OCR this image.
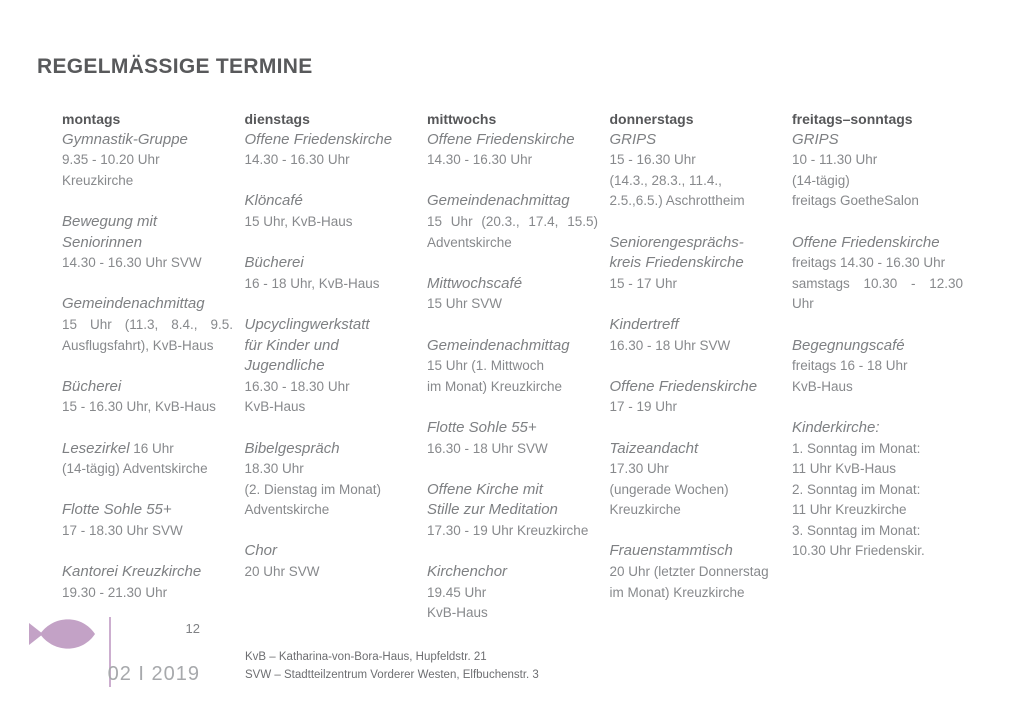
REGELMÄSSIGE TERMINE
montags
Gymnastik-Gruppe
9.35 - 10.20 Uhr
Kreuzkirche
Bewegung mit
Seniorinnen
14.30 - 16.30 Uhr SVW
Gemeindenachmittag
15 Uhr (11.3, 8.4., 9.5.
Ausflugsfahrt), KvB-Haus
Bücherei
15 - 16.30 Uhr, KvB-Haus
Lesezirkel 16 Uhr
(14-tägig) Adventskirche
Flotte Sohle 55+
17 - 18.30 Uhr SVW
Kantorei Kreuzkirche
19.30 - 21.30 Uhr
dienstags
Offene Friedenskirche
14.30 - 16.30 Uhr
Klöncafé
15 Uhr, KvB-Haus
Bücherei
16 - 18 Uhr, KvB-Haus
Upcyclingwerkstatt
für Kinder und
Jugendliche
16.30 - 18.30 Uhr
KvB-Haus
Bibelgespräch
18.30 Uhr
(2. Dienstag im Monat)
Adventskirche
Chor
20 Uhr SVW
mittwochs
Offene Friedenskirche
14.30 - 16.30 Uhr
Gemeindenachmittag
15 Uhr (20.3., 17.4, 15.5)
Adventskirche
Mittwochscafé
15 Uhr SVW
Gemeindenachmittag
15 Uhr (1. Mittwoch
im Monat) Kreuzkirche
Flotte Sohle 55+
16.30 - 18 Uhr SVW
Offene Kirche mit
Stille zur Meditation
17.30 - 19 Uhr Kreuzkirche
Kirchenchor
19.45 Uhr
KvB-Haus
donnerstags
GRIPS
15 - 16.30 Uhr
(14.3., 28.3., 11.4.,
2.5.,6.5.) Aschrottheim
Seniorengesprächs-
kreis Friedenskirche
15 - 17 Uhr
Kindertreff
16.30 - 18 Uhr SVW
Offene Friedenskirche
17 - 19 Uhr
Taizeandacht
17.30 Uhr
(ungerade Wochen)
Kreuzkirche
Frauenstammtisch
20 Uhr (letzter Donnerstag
im Monat) Kreuzkirche
freitags–sonntags
GRIPS
10 - 11.30 Uhr
(14-tägig)
freitags GoetheSalon
Offene Friedenskirche
freitags 14.30 - 16.30 Uhr
samstags 10.30 - 12.30
Uhr
Begegnungscafé
freitags 16 - 18 Uhr
KvB-Haus
Kinderkirche:
1. Sonntag im Monat:
11 Uhr KvB-Haus
2. Sonntag im Monat:
11 Uhr Kreuzkirche
3. Sonntag im Monat:
10.30 Uhr Friedenskir.
12
02 I 2019
KvB – Katharina-von-Bora-Haus, Hupfeldstr. 21
SVW – Stadtteilzentrum Vorderer Westen, Elfbuchenstr. 3
